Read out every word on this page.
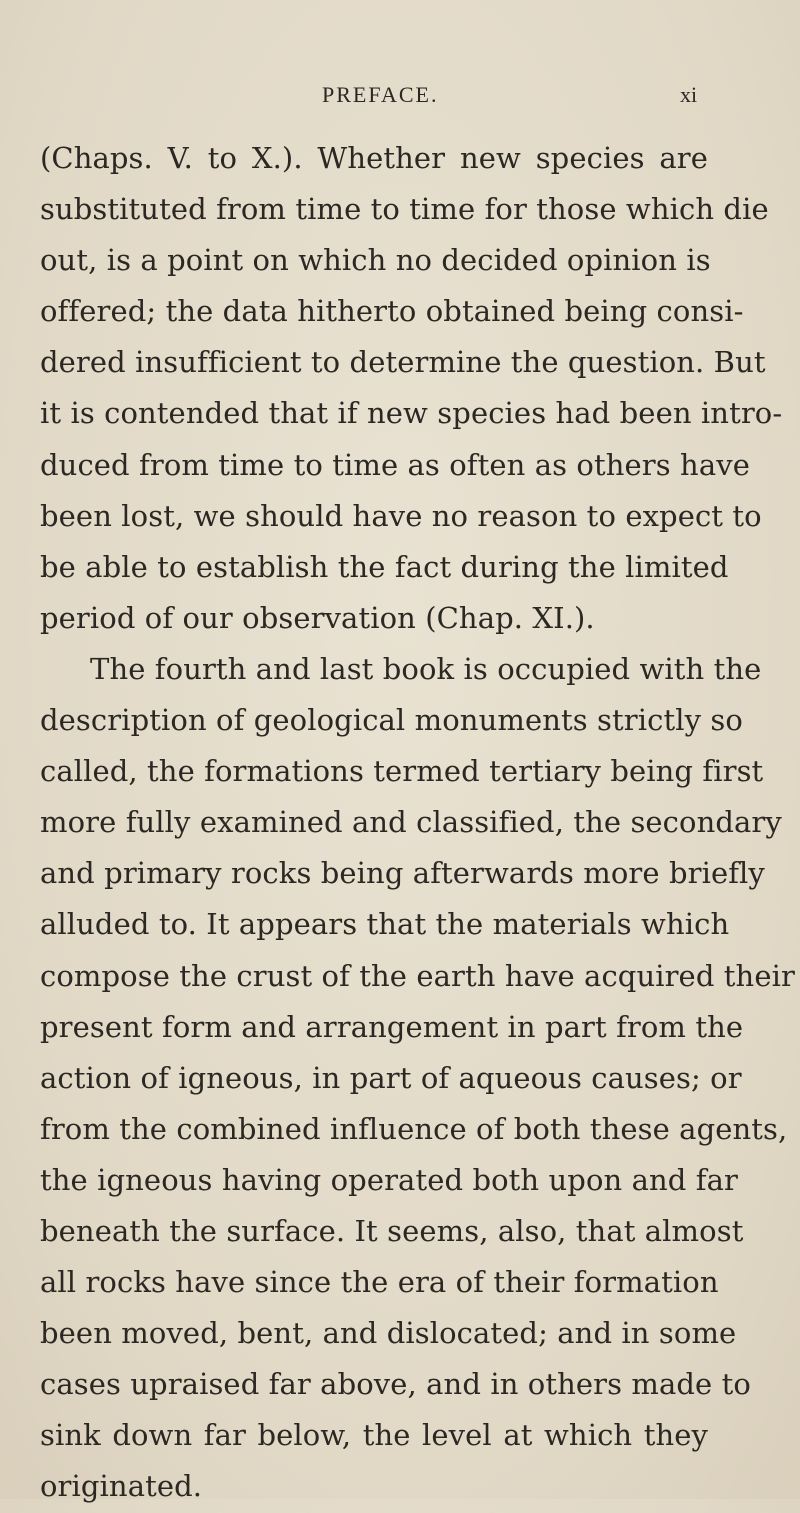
PREFACE.	xi
(Chaps. V. to X.). Whether new species are
substituted from time to time for those which die
out, is a point on which no decided opinion is
offered; the data hitherto obtained being consi-
dered insufficient to determine the question. But
it is contended that if new species had been intro-
duced from time to time as often as others have
been lost, we should have no reason to expect to
be able to establish the fact during the limited
period of our observation (Chap. XI.).
The fourth and last book is occupied with the
description of geological monuments strictly so
called, the formations termed tertiary being first
more fully examined and classified, the secondary
and primary rocks being afterwards more briefly
alluded to. It appears that the materials which
compose the crust of the earth have acquired their
present form and arrangement in part from the
action of igneous, in part of aqueous causes; or
from the combined influence of both these agents,
the igneous having operated both upon and far
beneath the surface. It seems, also, that almost
all rocks have since the era of their formation
been moved, bent, and dislocated; and in some
cases upraised far above, and in others made to
sink down far below, the level at which they
originated.
